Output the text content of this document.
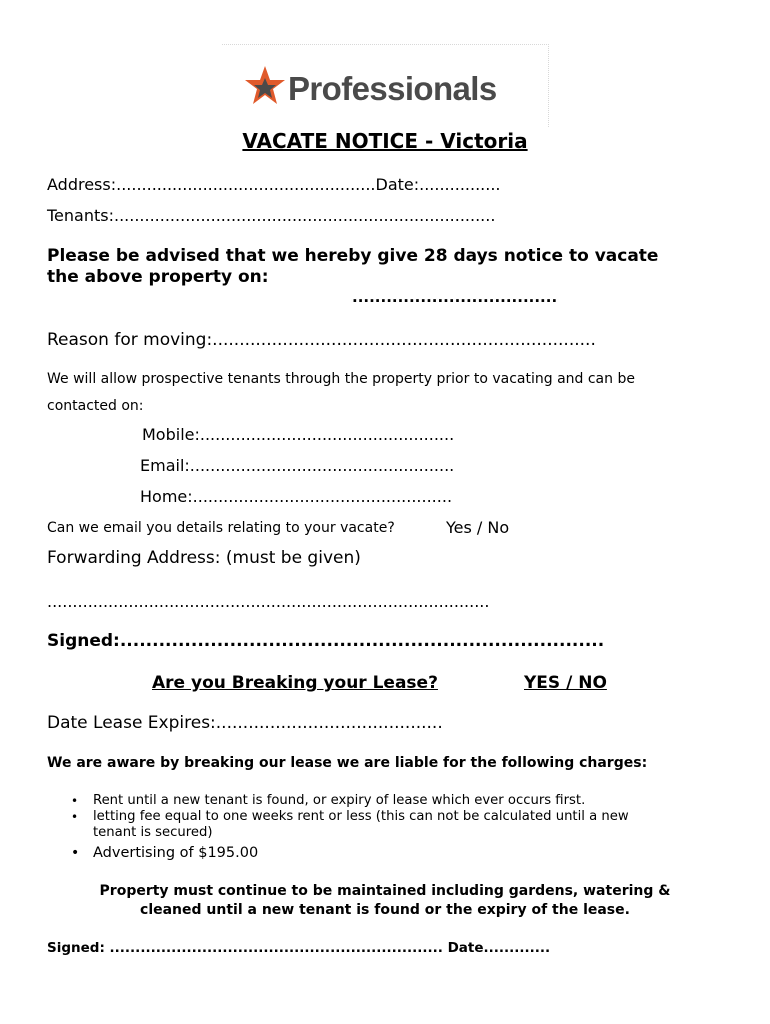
Professionals
VACATE NOTICE - Victoria
Address:...................................................Date:................
Tenants:...........................................................................
Please be advised that we hereby give 28 days notice to vacate
the above property on:
....................................
Reason for moving:.......................................................................
We will allow prospective tenants through the property prior to vacating and can be
contacted on:
Mobile:..................................................
Email:....................................................
Home:...................................................
Can we email you details relating to your vacate?	Yes / No
Forwarding Address: (must be given)
.......................................................................................
Signed:...........................................................................
Are you Breaking your Lease?	YES / NO
Date Lease Expires:..........................................
We are aware by breaking our lease we are liable for the following charges:
• Rent until a new tenant is found, or expiry of lease which ever occurs first.
• letting fee equal to one weeks rent or less (this can not be calculated until a new
tenant is secured)
• Advertising of $195.00
Property must continue to be maintained including gardens, watering &
cleaned until a new tenant is found or the expiry of the lease.
Signed: ................................................................. Date.............
